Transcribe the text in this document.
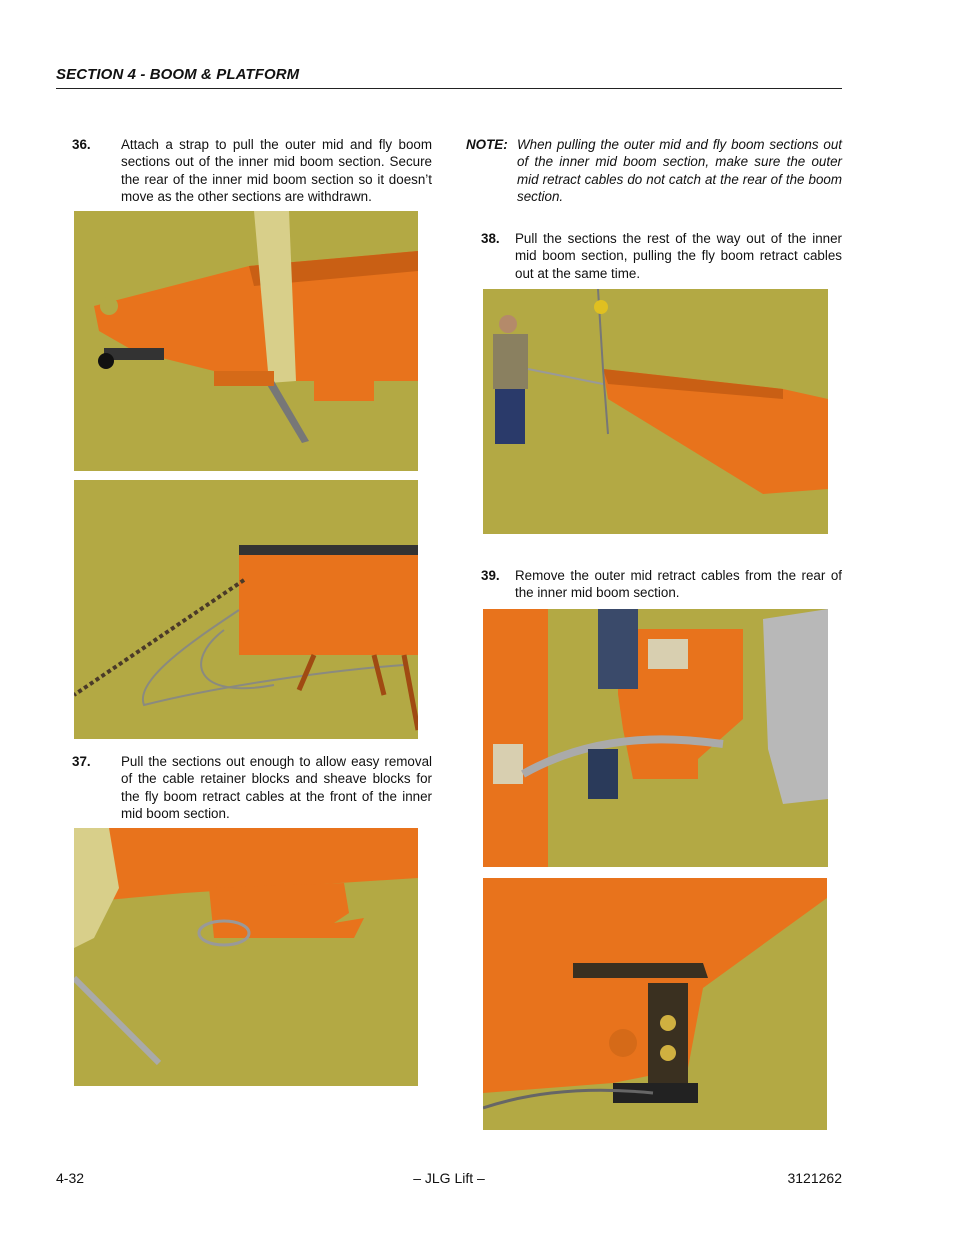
SECTION 4 - BOOM & PLATFORM
36. Attach a strap to pull the outer mid and fly boom sections out of the inner mid boom section. Secure the rear of the inner mid boom section so it doesn’t move as the other sections are withdrawn.
37. Pull the sections out enough to allow easy removal of the cable retainer blocks and sheave blocks for the fly boom retract cables at the front of the inner mid boom section.
NOTE: When pulling the outer mid and fly boom sections out of the inner mid boom section, make sure the outer mid retract cables do not catch at the rear of the boom section.
38. Pull the sections the rest of the way out of the inner mid boom section, pulling the fly boom retract cables out at the same time.
39. Remove the outer mid retract cables from the rear of the inner mid boom section.
4-32	– JLG Lift –	3121262
